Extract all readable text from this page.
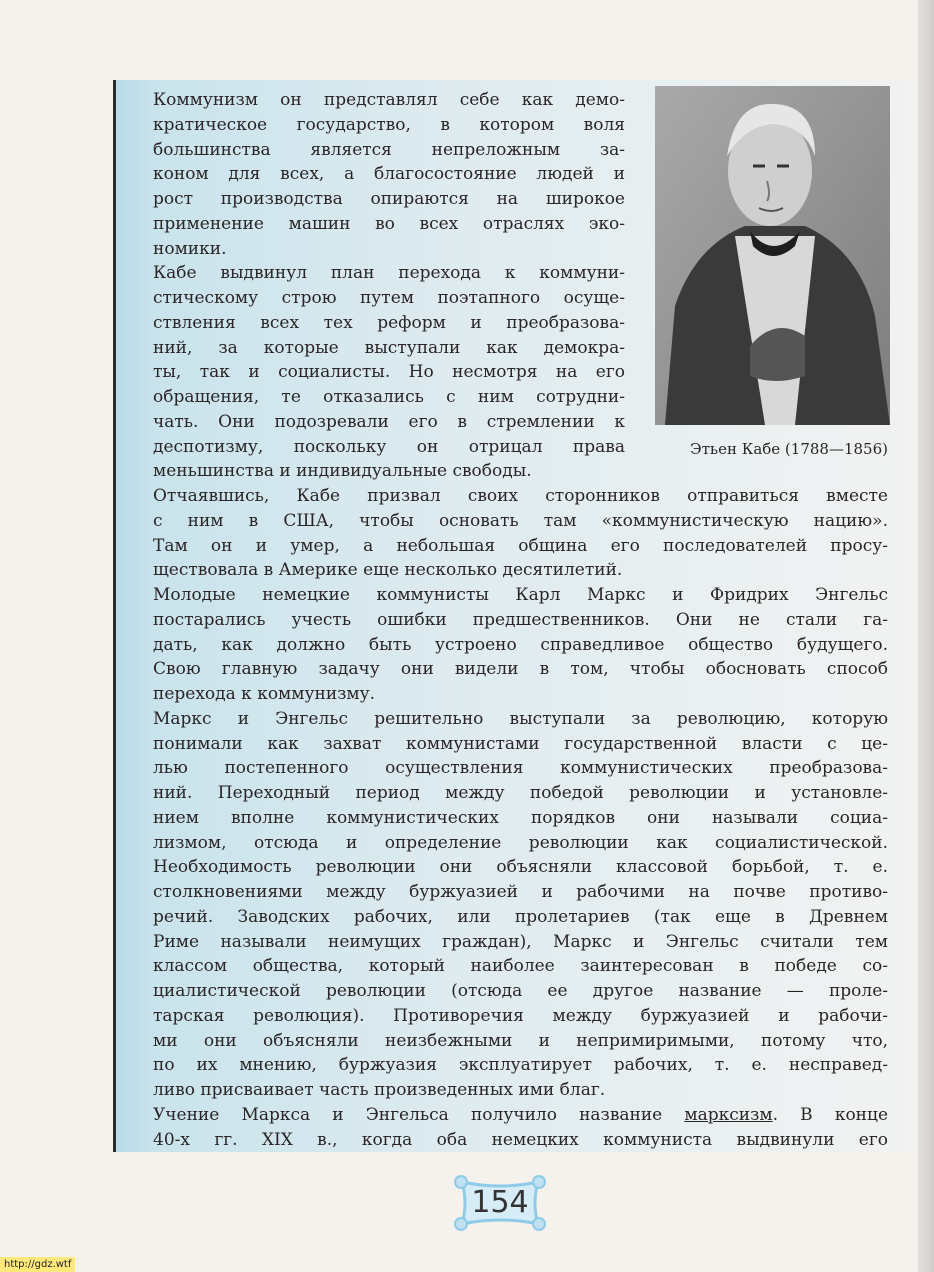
Этьен Кабе (1788—1856)
Коммунизм он представлял себе как демо-
кратическое государство, в котором воля
большинства является непреложным за-
коном для всех, а благосостояние людей и
рост производства опираются на широкое
применение машин во всех отраслях эко-
номики.
Кабе выдвинул план перехода к коммуни-
стическому строю путем поэтапного осуще-
ствления всех тех реформ и преобразова-
ний, за которые выступали как демокра-
ты, так и социалисты. Но несмотря на его
обращения, те отказались с ним сотрудни-
чать. Они подозревали его в стремлении к
деспотизму, поскольку он отрицал права
меньшинства и индивидуальные свободы.
Отчаявшись, Кабе призвал своих сторонников отправиться вместе
с ним в США, чтобы основать там «коммунистическую нацию».
Там он и умер, а небольшая община его последователей просу-
ществовала в Америке еще несколько десятилетий.
Молодые немецкие коммунисты Карл Маркс и Фридрих Энгельс
постарались учесть ошибки предшественников. Они не стали га-
дать, как должно быть устроено справедливое общество будущего.
Свою главную задачу они видели в том, чтобы обосновать способ
перехода к коммунизму.
Маркс и Энгельс решительно выступали за революцию, которую
понимали как захват коммунистами государственной власти с це-
лью постепенного осуществления коммунистических преобразова-
ний. Переходный период между победой революции и установле-
нием вполне коммунистических порядков они называли социа-
лизмом, отсюда и определение революции как социалистической.
Необходимость революции они объясняли классовой борьбой, т. е.
столкновениями между буржуазией и рабочими на почве противо-
речий. Заводских рабочих, или пролетариев (так еще в Древнем
Риме называли неимущих граждан), Маркс и Энгельс считали тем
классом общества, который наиболее заинтересован в победе со-
циалистической революции (отсюда ее другое название — проле-
тарская революция). Противоречия между буржуазией и рабочи-
ми они объясняли неизбежными и непримиримыми, потому что,
по их мнению, буржуазия эксплуатирует рабочих, т. е. несправед-
ливо присваивает часть произведенных ими благ.
Учение Маркса и Энгельса получило название марксизм. В конце
40-х гг. XIX в., когда оба немецких коммуниста выдвинули его
154
http://gdz.wtf
